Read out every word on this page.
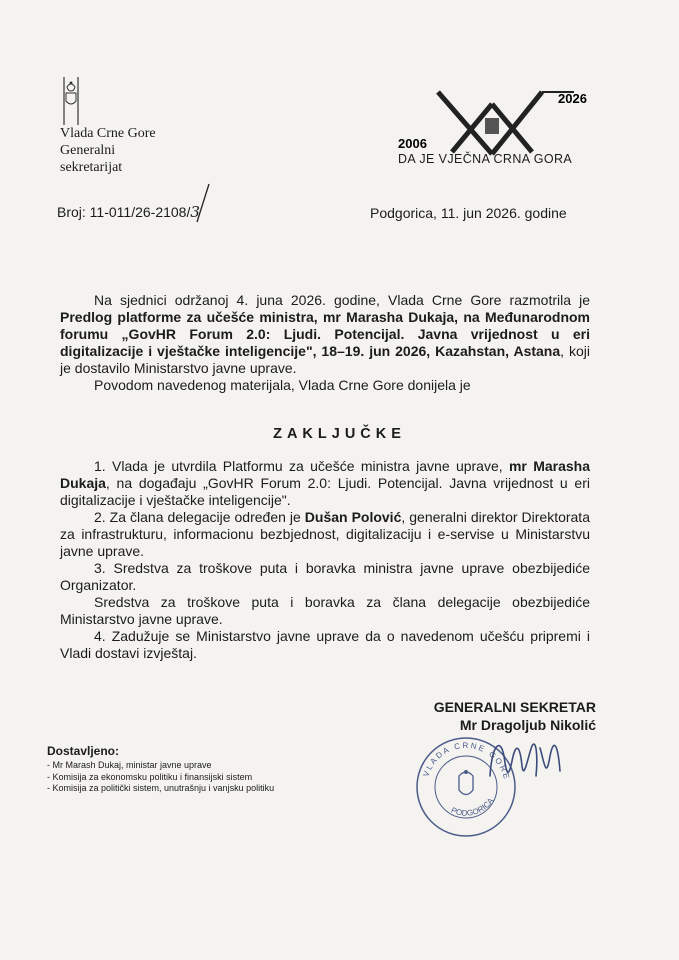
Vlada Crne Gore
Generalni
sekretarijat
2026
2006
DA JE VJEČNA CRNA GORA
Broj: 11-011/26-2108/3	Podgorica, 11. jun 2026. godine
Na sjednici održanoj 4. juna 2026. godine, Vlada Crne Gore razmotrila je Predlog platforme za učešće ministra, mr Marasha Dukaja, na Međunarodnom forumu „GovHR Forum 2.0: Ljudi. Potencijal. Javna vrijednost u eri digitalizacije i vještačke inteligencije", 18–19. jun 2026, Kazahstan, Astana, koji je dostavilo Ministarstvo javne uprave.
Povodom navedenog materijala, Vlada Crne Gore donijela je
ZAKLJUČKE
1. Vlada je utvrdila Platformu za učešće ministra javne uprave, mr Marasha Dukaja, na događaju „GovHR Forum 2.0: Ljudi. Potencijal. Javna vrijednost u eri digitalizacije i vještačke inteligencije".
2. Za člana delegacije određen je Dušan Polović, generalni direktor Direktorata za infrastrukturu, informacionu bezbjednost, digitalizaciju i e-servise u Ministarstvu javne uprave.
3. Sredstva za troškove puta i boravka ministra javne uprave obezbijediće Organizator.
Sredstva za troškove puta i boravka za člana delegacije obezbijediće Ministarstvo javne uprave.
4. Zadužuje se Ministarstvo javne uprave da o navedenom učešću pripremi i Vladi dostavi izvještaj.
GENERALNI SEKRETAR
Mr Dragoljub Nikolić
VLADA CRNE GORE
PODGORICA
Dostavljeno:
- Mr Marash Dukaj, ministar javne uprave
- Komisija za ekonomsku politiku i finansijski sistem
- Komisija za politički sistem, unutrašnju i vanjsku politiku
